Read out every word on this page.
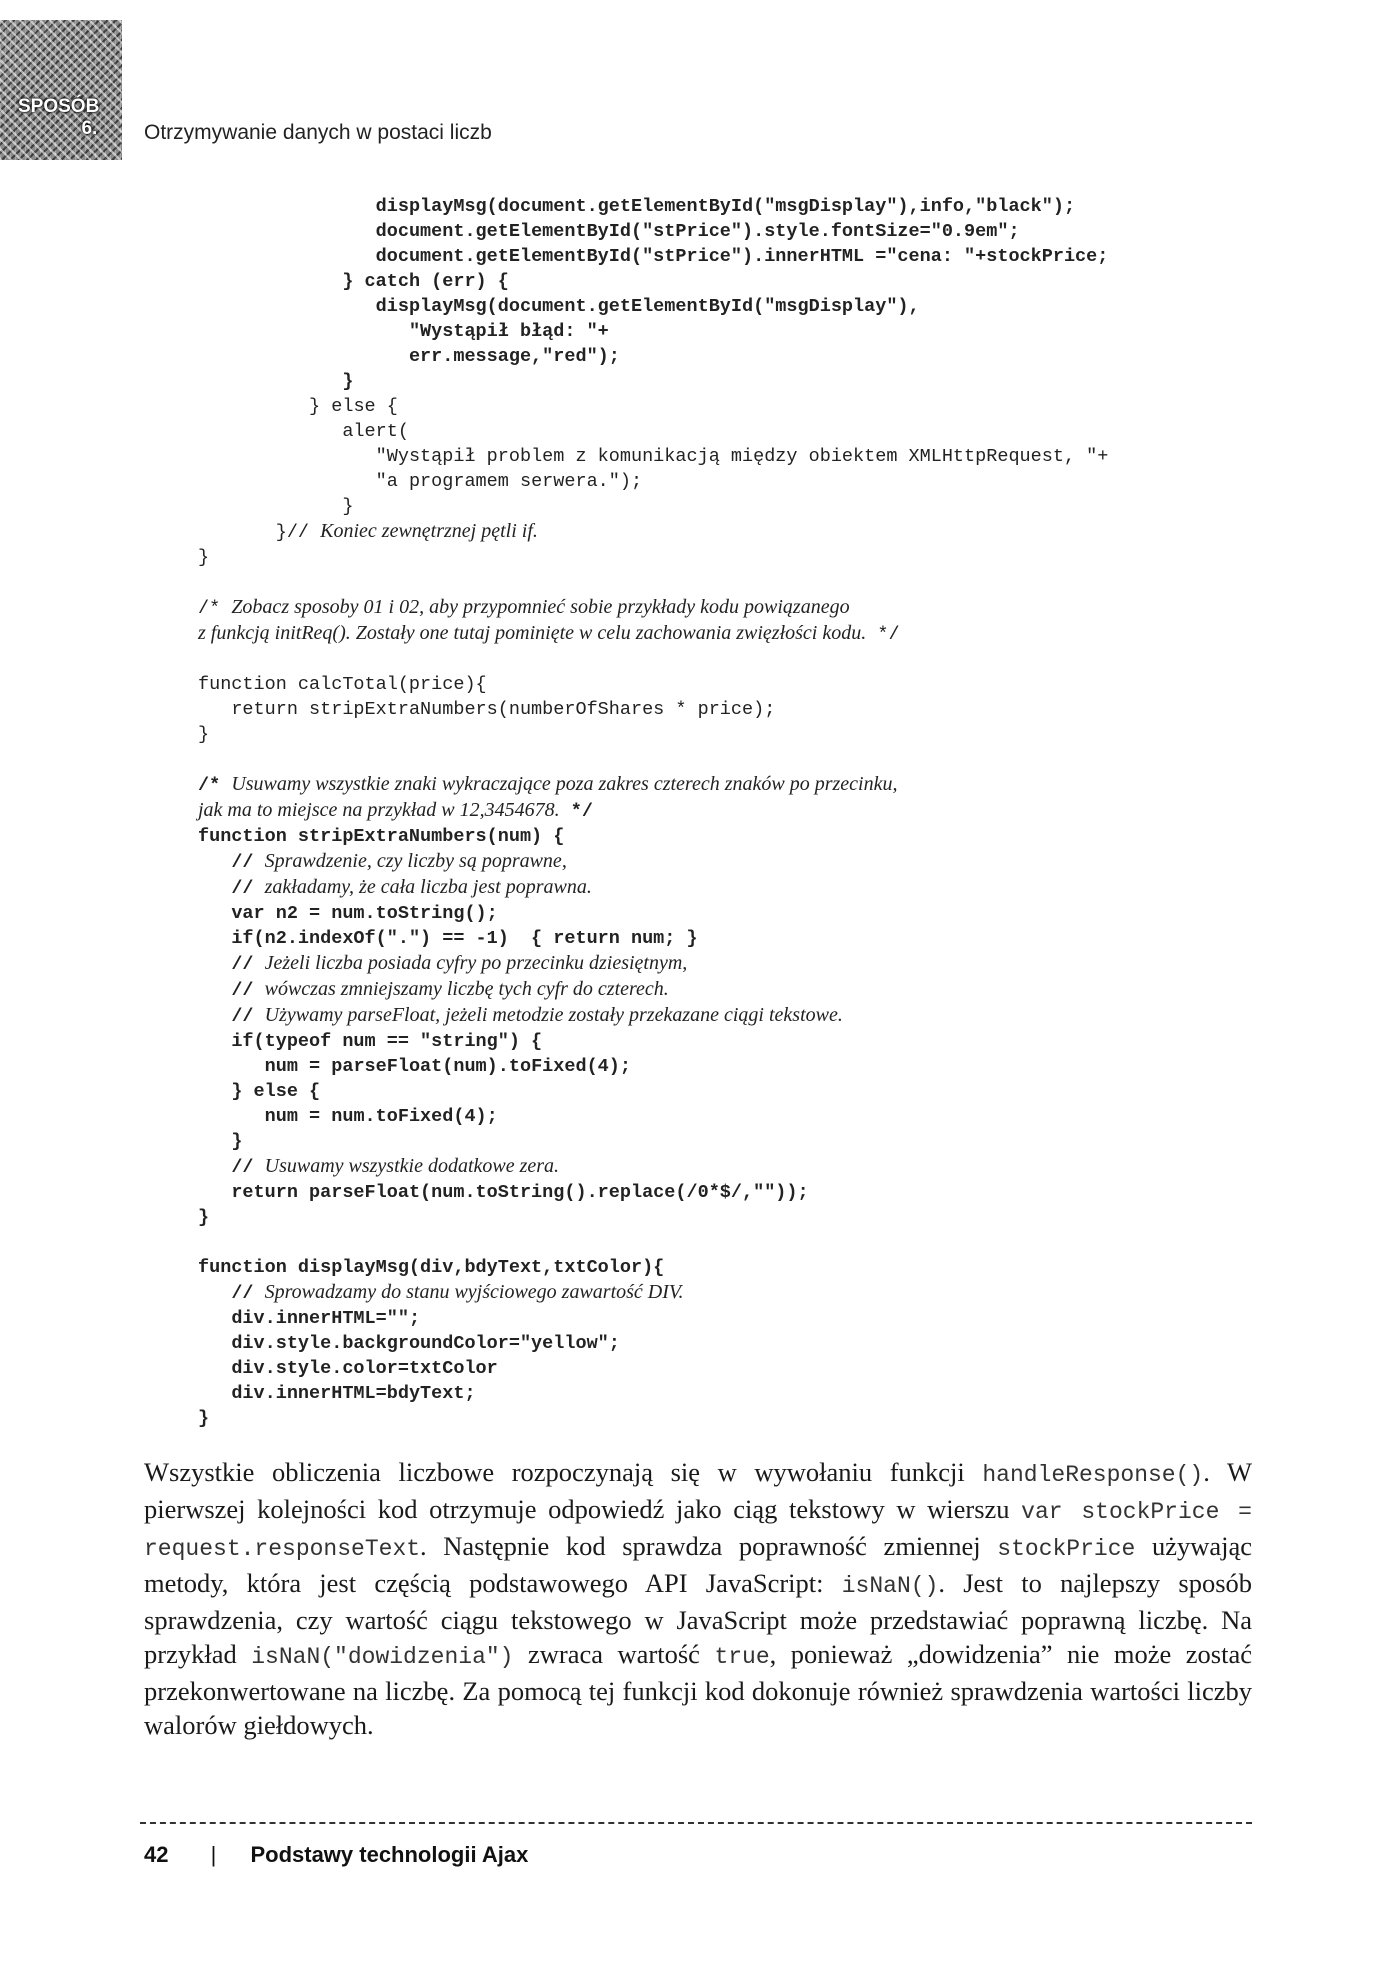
SPOSÓB
6. Otrzymywanie danych w postaci liczb
displayMsg(document.getElementById("msgDisplay"),info,"black");
document.getElementById("stPrice").style.fontSize="0.9em";
document.getElementById("stPrice").innerHTML ="cena: "+stockPrice;
} catch (err) {
displayMsg(document.getElementById("msgDisplay"),
"Wystąpił błąd: "+
err.message,"red");
}
} else {
alert(
"Wystąpił problem z komunikacją między obiektem XMLHttpRequest, "+
"a programem serwera.");
}
}// Koniec zewnętrznej pętli if.
}

/* Zobacz sposoby 01 i 02, aby przypomnieć sobie przykłady kodu powiązanego
z funkcją initReq(). Zostały one tutaj pominięte w celu zachowania zwięzłości kodu. */

function calcTotal(price){
return stripExtraNumbers(numberOfShares * price);
}

/* Usuwamy wszystkie znaki wykraczające poza zakres czterech znaków po przecinku,
jak ma to miejsce na przykład w 12,3454678. */
function stripExtraNumbers(num) {
// Sprawdzenie, czy liczby są poprawne,
// zakładamy, że cała liczba jest poprawna.
var n2 = num.toString();
if(n2.indexOf(".") == -1)  { return num; }
// Jeżeli liczba posiada cyfry po przecinku dziesiętnym,
// wówczas zmniejszamy liczbę tych cyfr do czterech.
// Używamy parseFloat, jeżeli metodzie zostały przekazane ciągi tekstowe.
if(typeof num == "string") {
num = parseFloat(num).toFixed(4);
} else {
num = num.toFixed(4);
}
// Usuwamy wszystkie dodatkowe zera.
return parseFloat(num.toString().replace(/0*$/,""));
}

function displayMsg(div,bdyText,txtColor){
// Sprowadzamy do stanu wyjściowego zawartość DIV.
div.innerHTML="";
div.style.backgroundColor="yellow";
div.style.color=txtColor
div.innerHTML=bdyText;
}

Wszystkie obliczenia liczbowe rozpoczynają się w wywołaniu funkcji handleResponse(). W pierwszej kolejności kod otrzymuje odpowiedź jako ciąg tekstowy w wierszu var stockPrice = request.responseText. Następnie kod sprawdza poprawność zmiennej stockPrice używając metody, która jest częścią podstawowego API JavaScript: isNaN(). Jest to najlepszy sposób sprawdzenia, czy wartość ciągu tekstowego w JavaScript może przedstawiać poprawną liczbę. Na przykład isNaN("dowidzenia") zwraca wartość true, ponieważ „dowidzenia” nie może zostać przekonwertowane na liczbę. Za pomocą tej funkcji kod dokonuje również sprawdzenia wartości liczby walorów giełdowych.

42 | Podstawy technologii Ajax
